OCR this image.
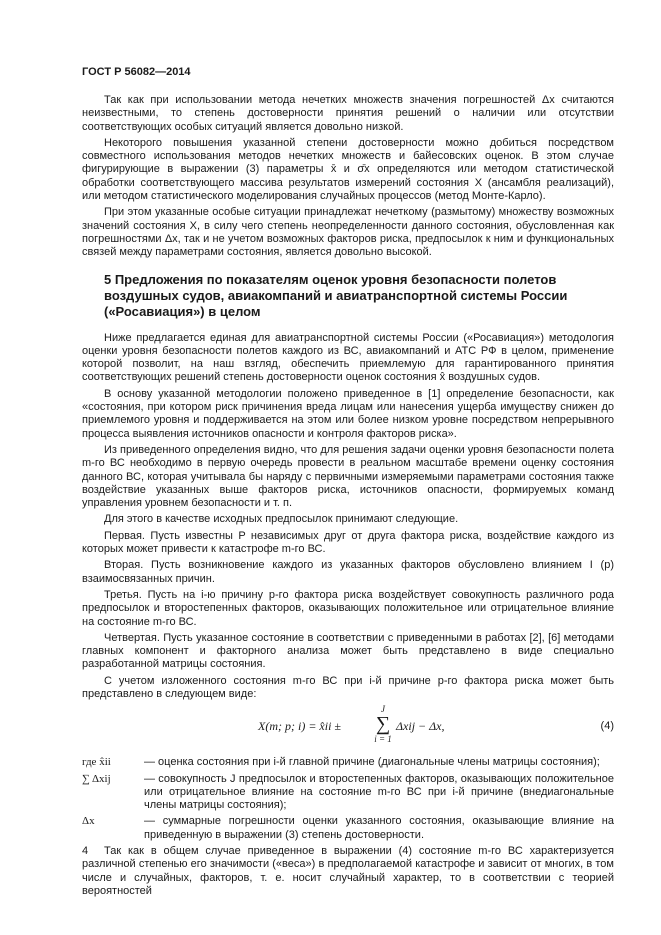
ГОСТ Р 56082—2014

Так как при использовании метода нечетких множеств значения погрешностей Δx считаются неизвестными, то степень достоверности принятия решений о наличии или отсутствии соответствующих особых ситуаций является довольно низкой.

Некоторого повышения указанной степени достоверности можно добиться посредством совместного использования методов нечетких множеств и байесовских оценок. В этом случае фигурирующие в выражении (3) параметры x̄ и σ̄x определяются или методом статистической обработки соответствующего массива результатов измерений состояния X (ансамбля реализаций), или методом статистического моделирования случайных процессов (метод Монте-Карло).

При этом указанные особые ситуации принадлежат нечеткому (размытому) множеству возможных значений состояния X, в силу чего степень неопределенности данного состояния, обусловленная как погрешностями Δx, так и не учетом возможных факторов риска, предпосылок к ним и функциональных связей между параметрами состояния, является довольно высокой.

5 Предложения по показателям оценок уровня безопасности полетов воздушных судов, авиакомпаний и авиатранспортной системы России («Росавиация») в целом

Ниже предлагается единая для авиатранспортной системы России («Росавиация») методология оценки уровня безопасности полетов каждого из ВС, авиакомпаний и АТС РФ в целом, применение которой позволит, на наш взгляд, обеспечить приемлемую для гарантированного принятия соответствующих решений степень достоверности оценок состояния x̂ воздушных судов.

В основу указанной методологии положено приведенное в [1] определение безопасности, как «состояния, при котором риск причинения вреда лицам или нанесения ущерба имуществу снижен до приемлемого уровня и поддерживается на этом или более низком уровне посредством непрерывного процесса выявления источников опасности и контроля факторов риска».

Из приведенного определения видно, что для решения задачи оценки уровня безопасности полета m-го ВС необходимо в первую очередь провести в реальном масштабе времени оценку состояния данного ВС, которая учитывала бы наряду с первичными измеряемыми параметрами состояния также воздействие указанных выше факторов риска, источников опасности, формируемых команд управления уровнем безопасности и т. п.

Для этого в качестве исходных предпосылок принимают следующие.

Первая. Пусть известны P независимых друг от друга фактора риска, воздействие каждого из которых может привести к катастрофе m-го ВС.

Вторая. Пусть возникновение каждого из указанных факторов обусловлено влиянием I (p) взаимосвязанных причин.

Третья. Пусть на i-ю причину p-го фактора риска воздействует совокупность различного рода предпосылок и второстепенных факторов, оказывающих положительное или отрицательное влияние на состояние m-го ВС.

Четвертая. Пусть указанное состояние в соответствии с приведенными в работах [2], [6] методами главных компонент и факторного анализа может быть представлено в виде специально разработанной матрицы состояния.

С учетом изложенного состояния m-го ВС при i-й причине p-го фактора риска может быть представлено в следующем виде:

X(m; p; i) = x̂ii ±
J
∑
i = 1
Δxij − Δx,	(4)
где x̂ii	— оценка состояния при i-й главной причине (диагональные члены матрицы состояния);
∑ Δxij	— совокупность J предпосылок и второстепенных факторов, оказывающих положительное или отрицательное влияние на состояние m-го ВС при i-й причине (внедиагональные члены матрицы состояния);
Δx	— суммарные погрешности оценки указанного состояния, оказывающие влияние на приведенную в выражении (3) степень достоверности.

Так как в общем случае приведенное в выражении (4) состояние m-го ВС характеризуется различной степенью его значимости («веса») в предполагаемой катастрофе и зависит от многих, в том числе и случайных, факторов, т. е. носит случайный характер, то в соответствии с теорией вероятностей

4
